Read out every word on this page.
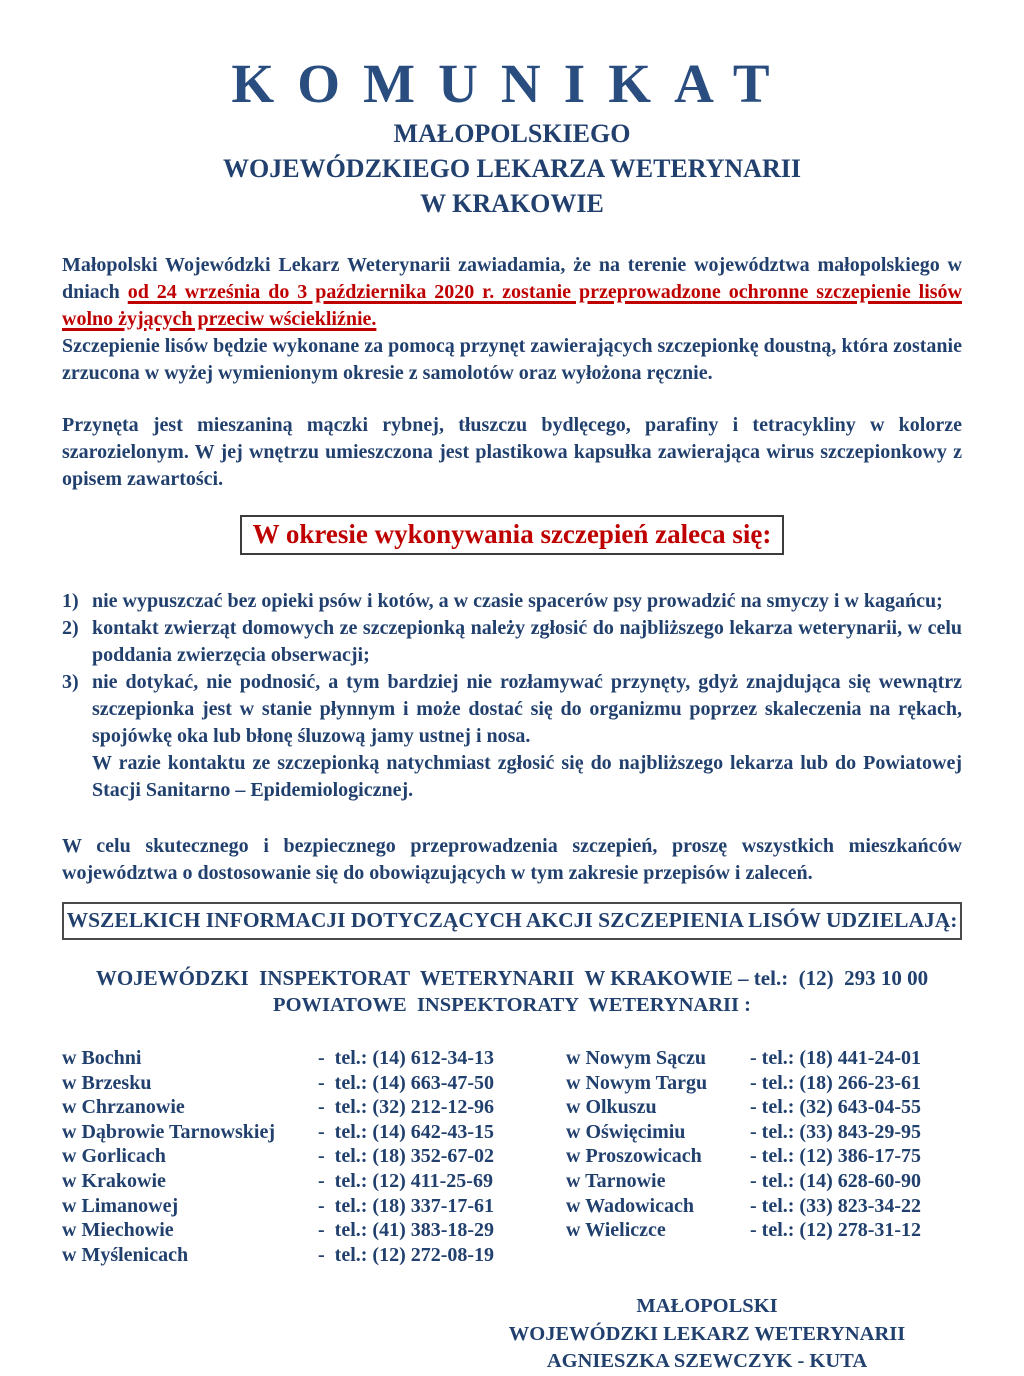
KOMUNIKAT
MAŁOPOLSKIEGO
WOJEWÓDZKIEGO LEKARZA WETERYNARII
W KRAKOWIE
Małopolski Wojewódzki Lekarz Weterynarii zawiadamia, że na terenie województwa małopolskiego w dniach od 24 września do 3 października 2020 r. zostanie przeprowadzone ochronne szczepienie lisów wolno żyjących przeciw wściekliźnie.
Szczepienie lisów będzie wykonane za pomocą przynęt zawierających szczepionkę doustną, która zostanie zrzucona w wyżej wymienionym okresie z samolotów oraz wyłożona ręcznie.
Przynęta jest mieszaniną mączki rybnej, tłuszczu bydlęcego, parafiny i tetracykliny w kolorze szarozielonym. W jej wnętrzu umieszczona jest plastikowa kapsułka zawierająca wirus szczepionkowy z opisem zawartości.
W okresie wykonywania szczepień zaleca się:
1) nie wypuszczać bez opieki psów i kotów, a w czasie spacerów psy prowadzić na smyczy i w kagańcu;
2) kontakt zwierząt domowych ze szczepionką należy zgłosić do najbliższego lekarza weterynarii, w celu poddania zwierzęcia obserwacji;
3) nie dotykać, nie podnosić, a tym bardziej nie rozłamywać przynęty, gdyż znajdująca się wewnątrz szczepionka jest w stanie płynnym i może dostać się do organizmu poprzez skaleczenia na rękach, spojówkę oka lub błonę śluzową jamy ustnej i nosa.
W razie kontaktu ze szczepionką natychmiast zgłosić się do najbliższego lekarza lub do Powiatowej Stacji Sanitarno – Epidemiologicznej.
W celu skutecznego i bezpiecznego przeprowadzenia szczepień, proszę wszystkich mieszkańców województwa o dostosowanie się do obowiązujących w tym zakresie przepisów i zaleceń.
WSZELKICH INFORMACJI DOTYCZĄCYCH AKCJI SZCZEPIENIA LISÓW UDZIELAJĄ:
WOJEWÓDZKI  INSPEKTORAT  WETERYNARII  W KRAKOWIE – tel.:  (12)  293 10 00
POWIATOWE  INSPEKTORATY  WETERYNARII :
w Bochni	-  tel.: (14) 612-34-13	w Nowym Sączu	- tel.: (18) 441-24-01
w Brzesku	-  tel.: (14) 663-47-50	w Nowym Targu	- tel.: (18) 266-23-61
w Chrzanowie	-  tel.: (32) 212-12-96	w Olkuszu	- tel.: (32) 643-04-55
w Dąbrowie Tarnowskiej	-  tel.: (14) 642-43-15	w Oświęcimiu	- tel.: (33) 843-29-95
w Gorlicach	-  tel.: (18) 352-67-02	w Proszowicach	- tel.: (12) 386-17-75
w Krakowie	-  tel.: (12) 411-25-69	w Tarnowie	- tel.: (14) 628-60-90
w Limanowej	-  tel.: (18) 337-17-61	w Wadowicach	- tel.: (33) 823-34-22
w Miechowie	-  tel.: (41) 383-18-29	w Wieliczce	- tel.: (12) 278-31-12
w Myślenicach	-  tel.: (12) 272-08-19
MAŁOPOLSKI
WOJEWÓDZKI LEKARZ WETERYNARII
AGNIESZKA SZEWCZYK - KUTA
